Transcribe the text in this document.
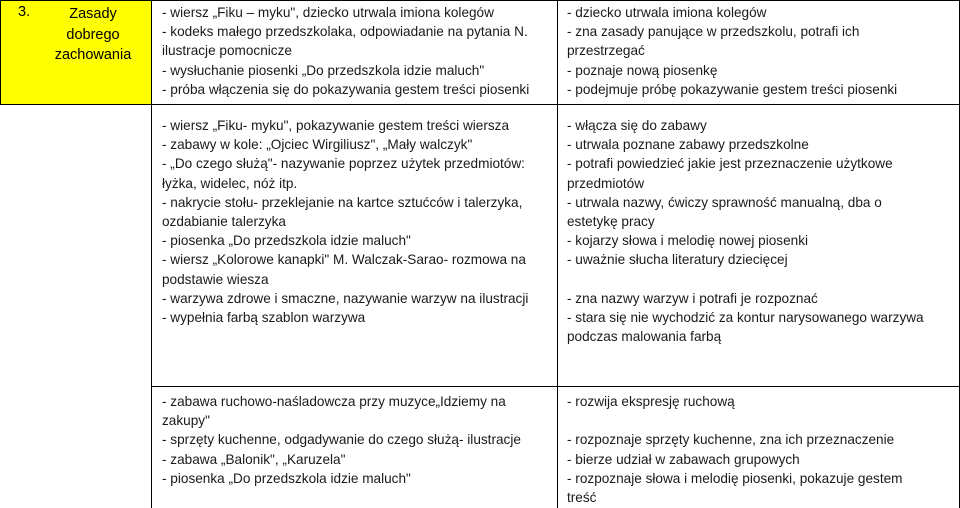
3.	Zasady
dobrego
zachowania
- wiersz „Fiku – myku", dziecko utrwala imiona kolegów
- kodeks małego przedszkolaka, odpowiadanie na pytania N.
ilustracje pomocnicze
- wysłuchanie piosenki „Do przedszkola idzie maluch"
- próba włączenia się do pokazywania gestem treści piosenki
- dziecko utrwala imiona kolegów
- zna zasady panujące w przedszkolu, potrafi ich
przestrzegać
- poznaje nową piosenkę
- podejmuje próbę pokazywanie gestem treści piosenki
- wiersz „Fiku- myku", pokazywanie gestem treści wiersza
- zabawy w kole: „Ojciec Wirgiliusz", „Mały walczyk"
- „Do czego służą"- nazywanie poprzez użytek przedmiotów:
łyżka, widelec, nóż itp.
- nakrycie stołu- przeklejanie na kartce sztućców i talerzyka,
ozdabianie talerzyka
- piosenka „Do przedszkola idzie maluch"
- wiersz „Kolorowe kanapki" M. Walczak-Sarao- rozmowa na
podstawie wiesza
- warzywa zdrowe i smaczne, nazywanie warzyw na ilustracji
- wypełnia farbą szablon warzywa
- włącza się do zabawy
- utrwala poznane zabawy przedszkolne
- potrafi powiedzieć jakie jest przeznaczenie użytkowe
przedmiotów
- utrwala nazwy, ćwiczy sprawność manualną, dba o
estetykę pracy
- kojarzy słowa i melodię nowej piosenki
- uważnie słucha literatury dziecięcej
- zna nazwy warzyw i potrafi je rozpoznać
- stara się nie wychodzić za kontur narysowanego warzywa
podczas malowania farbą
- zabawa ruchowo-naśladowcza przy muzyce„Idziemy na
zakupy"
- sprzęty kuchenne, odgadywanie do czego służą- ilustracje
- zabawa „Balonik", „Karuzela"
- piosenka „Do przedszkola idzie maluch"
- rozwija ekspresję ruchową
- rozpoznaje sprzęty kuchenne, zna ich przeznaczenie
- bierze udział w zabawach grupowych
- rozpoznaje słowa i melodię piosenki, pokazuje gestem
treść
